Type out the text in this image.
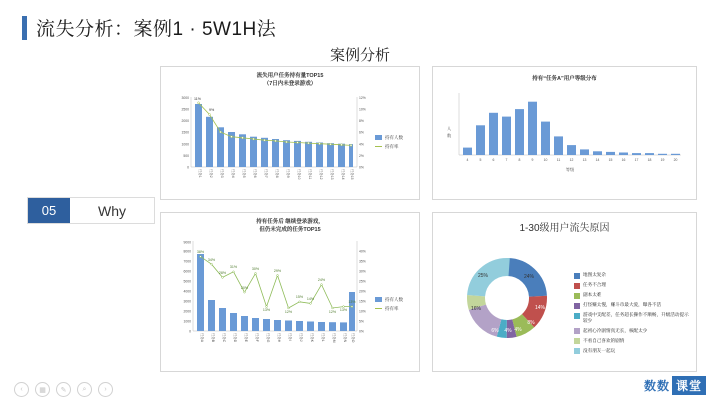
流失分析：案例1 · 5W1H法
案例分析
05	Why
流失用户任务持有量TOP15
（7日内未登录游戏）
0
500
1000
1500
2000
2500
3000
0%
2%
4%
6%
8%
10%
12%
11%
9%
任务1 任务2 任务3 任务4 任务5 任务6 任务7 任务8 任务9 任务10 任务11 任务12 任务13 任务14 任务15
持有人数
持有率
持有“任务A”用户等级分布
人
数
4	5	6	7	8	9	10	11	12	13	14	15	16	17	18	19	20
等级
持有任务后 继续登录游戏，
但仍未完成的任务TOP15
0
1000
2000
3000
4000
5000
6000
7000
8000
9000
0%
5%
10%
15%
20%
25%
30%
35%
40%
38%
34%
28%
31%
20%
30%
13%
29%
12%
15% 14%
24%
12% 13%
13%
任务A 任务B 任务C 任务D 任务E 任务F 任务G 任务H 任务I 任务J 任务K 任务L 任务M 任务N 任务O
持有人数
持有率
1-30级用户流失原因
24%
14%
8%
4%
4%
16%
6%
25%	地图太复杂
任务不合理
副本太难
打怪赚太慢，赚斗币最大爱，曝各不活
游戏中支配差，任务超长操作不顺畅，升级活动提示较少
起初心冷剧情真无长，核配太少
不看自己喜欢的剧情
没有朋友一起玩
‹	▦	✎	⌕	›	数数 课堂
